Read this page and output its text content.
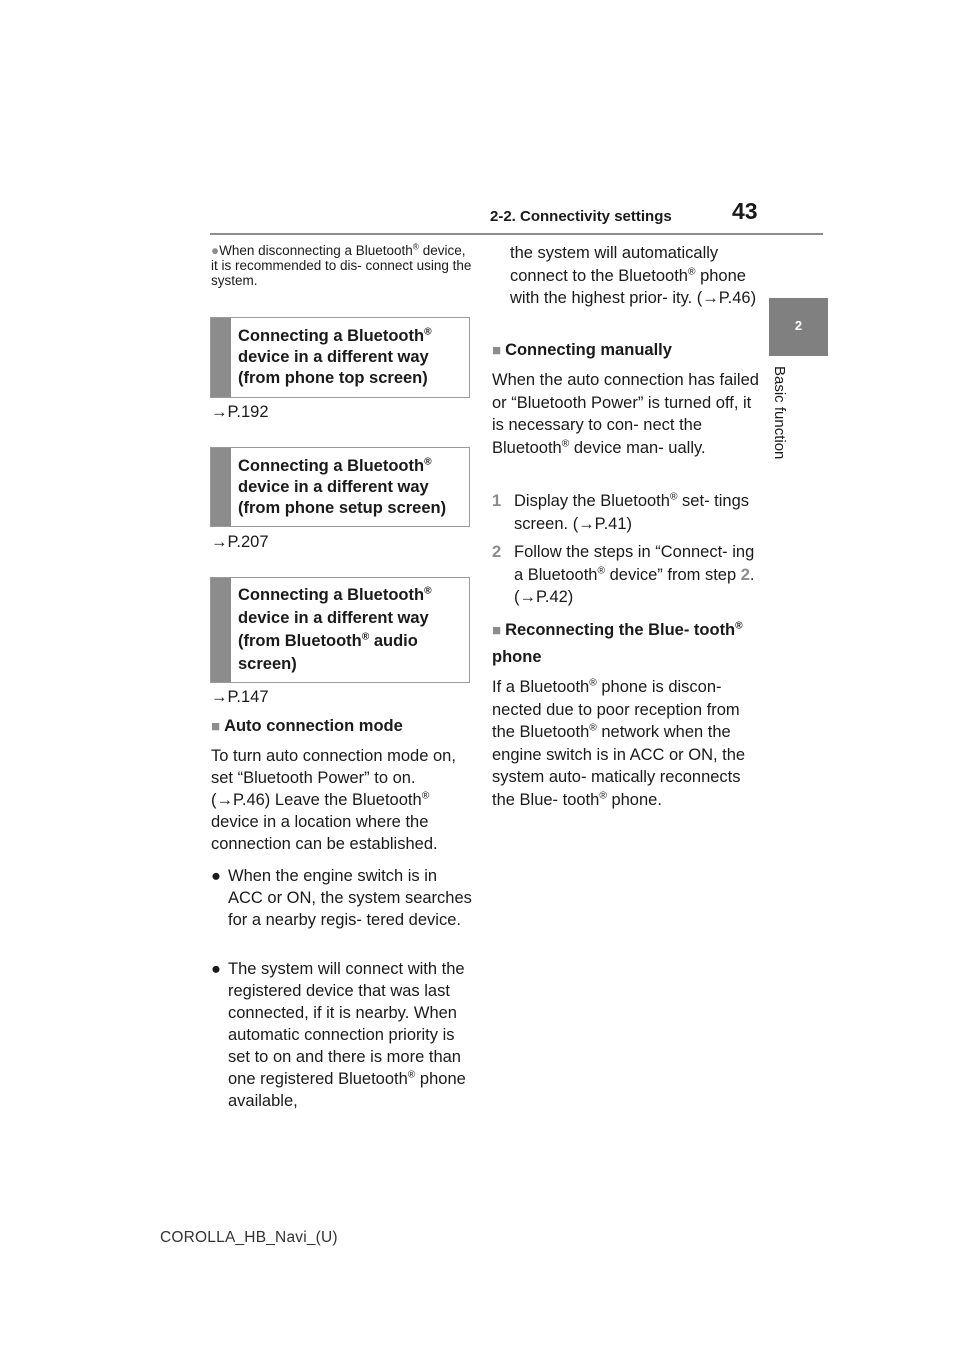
2-2. Connectivity settings	43
2
Basic function
●When disconnecting a Bluetooth® device, it is recommended to dis- connect using the system.
Connecting a Bluetooth®
device in a different way
(from phone top screen)
→P.192
Connecting a Bluetooth®
device in a different way
(from phone setup screen)
→P.207
Connecting a Bluetooth®
device in a different way
(from Bluetooth® audio
screen)
→P.147
■ Auto connection mode
To turn auto connection mode on, set “Bluetooth Power” to on. (→P.46) Leave the Bluetooth® device in a location where the connection can be established.
● When the engine switch is in ACC or ON, the system searches for a nearby regis- tered device.
● The system will connect with the registered device that was last connected, if it is nearby. When automatic connection priority is set to on and there is more than one registered Bluetooth® phone available,
the system will automatically connect to the Bluetooth® phone with the highest prior- ity. (→P.46)
■ Connecting manually
When the auto connection has failed or “Bluetooth Power” is turned off, it is necessary to con- nect the Bluetooth® device man- ually.
1 Display the Bluetooth® set- tings screen. (→P.41)
2 Follow the steps in “Connect- ing a Bluetooth® device” from step 2. (→P.42)
■ Reconnecting the Blue- tooth® phone
If a Bluetooth® phone is discon- nected due to poor reception from the Bluetooth® network when the engine switch is in ACC or ON, the system auto- matically reconnects the Blue- tooth® phone.
COROLLA_HB_Navi_(U)
